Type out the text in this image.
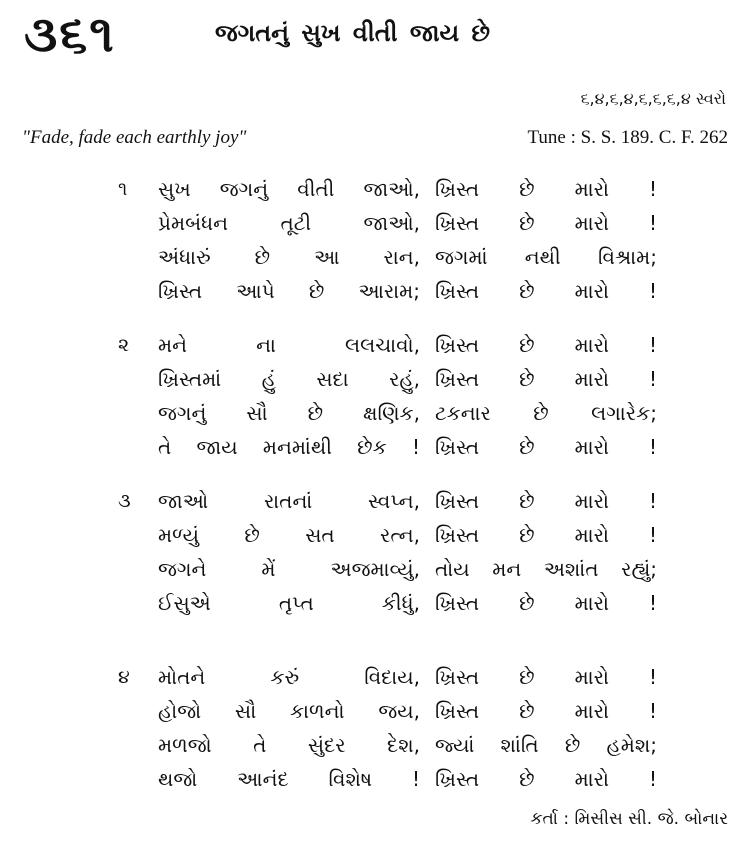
૩૬૧	જગતનું સુખ વીતી જાય છે
૬,૪,૬,૪,૬,૬,૬,૪ સ્વરો
"Fade, fade each earthly joy"	Tune : S. S. 189. C. F. 262
૧ સુખ જગનું વીતી જાઓ, ખ્રિસ્ત છે મારો !
પ્રેમબંધન તૂટી જાઓ, ખ્રિસ્ત છે મારો !
અંધારું છે આ રાન, જગમાં નથી વિશ્રામ;
ખ્રિસ્ત આપે છે આરામ; ખ્રિસ્ત છે મારો !
૨ મને ના લલચાવો, ખ્રિસ્ત છે મારો !
ખ્રિસ્તમાં હું સદા રહું, ખ્રિસ્ત છે મારો !
જગનું સૌ છે ક્ષણિક, ટકનાર છે લગારેક;
તે જાય મનમાંથી છેક ! ખ્રિસ્ત છે મારો !
૩ જાઓ રાતનાં સ્વપ્ન, ખ્રિસ્ત છે મારો !
મળ્યું છે સત રત્ન, ખ્રિસ્ત છે મારો !
જગને મેં અજમાવ્યું, તોય મન અશાંત રહ્યું;
ઈસુએ તૃપ્ત કીધું, ખ્રિસ્ત છે મારો !
૪ મોતને કરું વિદાય, ખ્રિસ્ત છે મારો !
હોજો સૌ કાળનો જય, ખ્રિસ્ત છે મારો !
મળજો તે સુંદર દેશ, જ્યાં શાંતિ છે હમેશ;
થજો આનંદ વિશેષ ! ખ્રિસ્ત છે મારો !
કર્તા : મિસીસ સી. જે. બોનાર
